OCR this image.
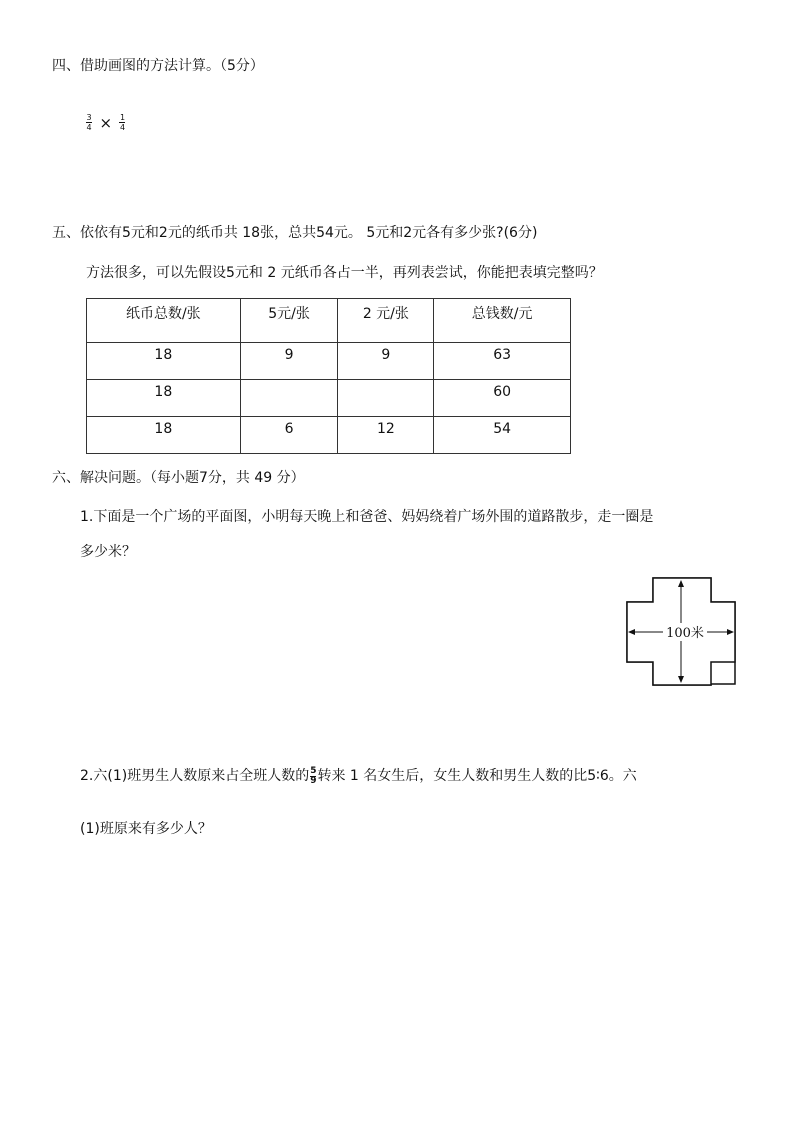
四、借助画图的方法计算。（5分）
$\frac{3}{4} \times \frac{1}{4}$
五、依依有5元和2元的纸币共 18张，总共54元。 5元和2元各有多少张?(6分)
方法很多，可以先假设5元和 2 元纸币各占一半，再列表尝试，你能把表填完整吗？
纸币总数/张	5元/张	2 元/张	总钱数/元
18	9	9	63
18			60
18	6	12	54
六、解决问题。（每小题7分，共 49 分）
1.下面是一个广场的平面图，小明每天晚上和爸爸、妈妈绕着广场外围的道路散步，走一圈是
多少米？
100米
2.六(1)班男生人数原来占全班人数的 $\frac{5}{9}$ 转来 1 名女生后，女生人数和男生人数的比5∶6。六
(1)班原来有多少人？
